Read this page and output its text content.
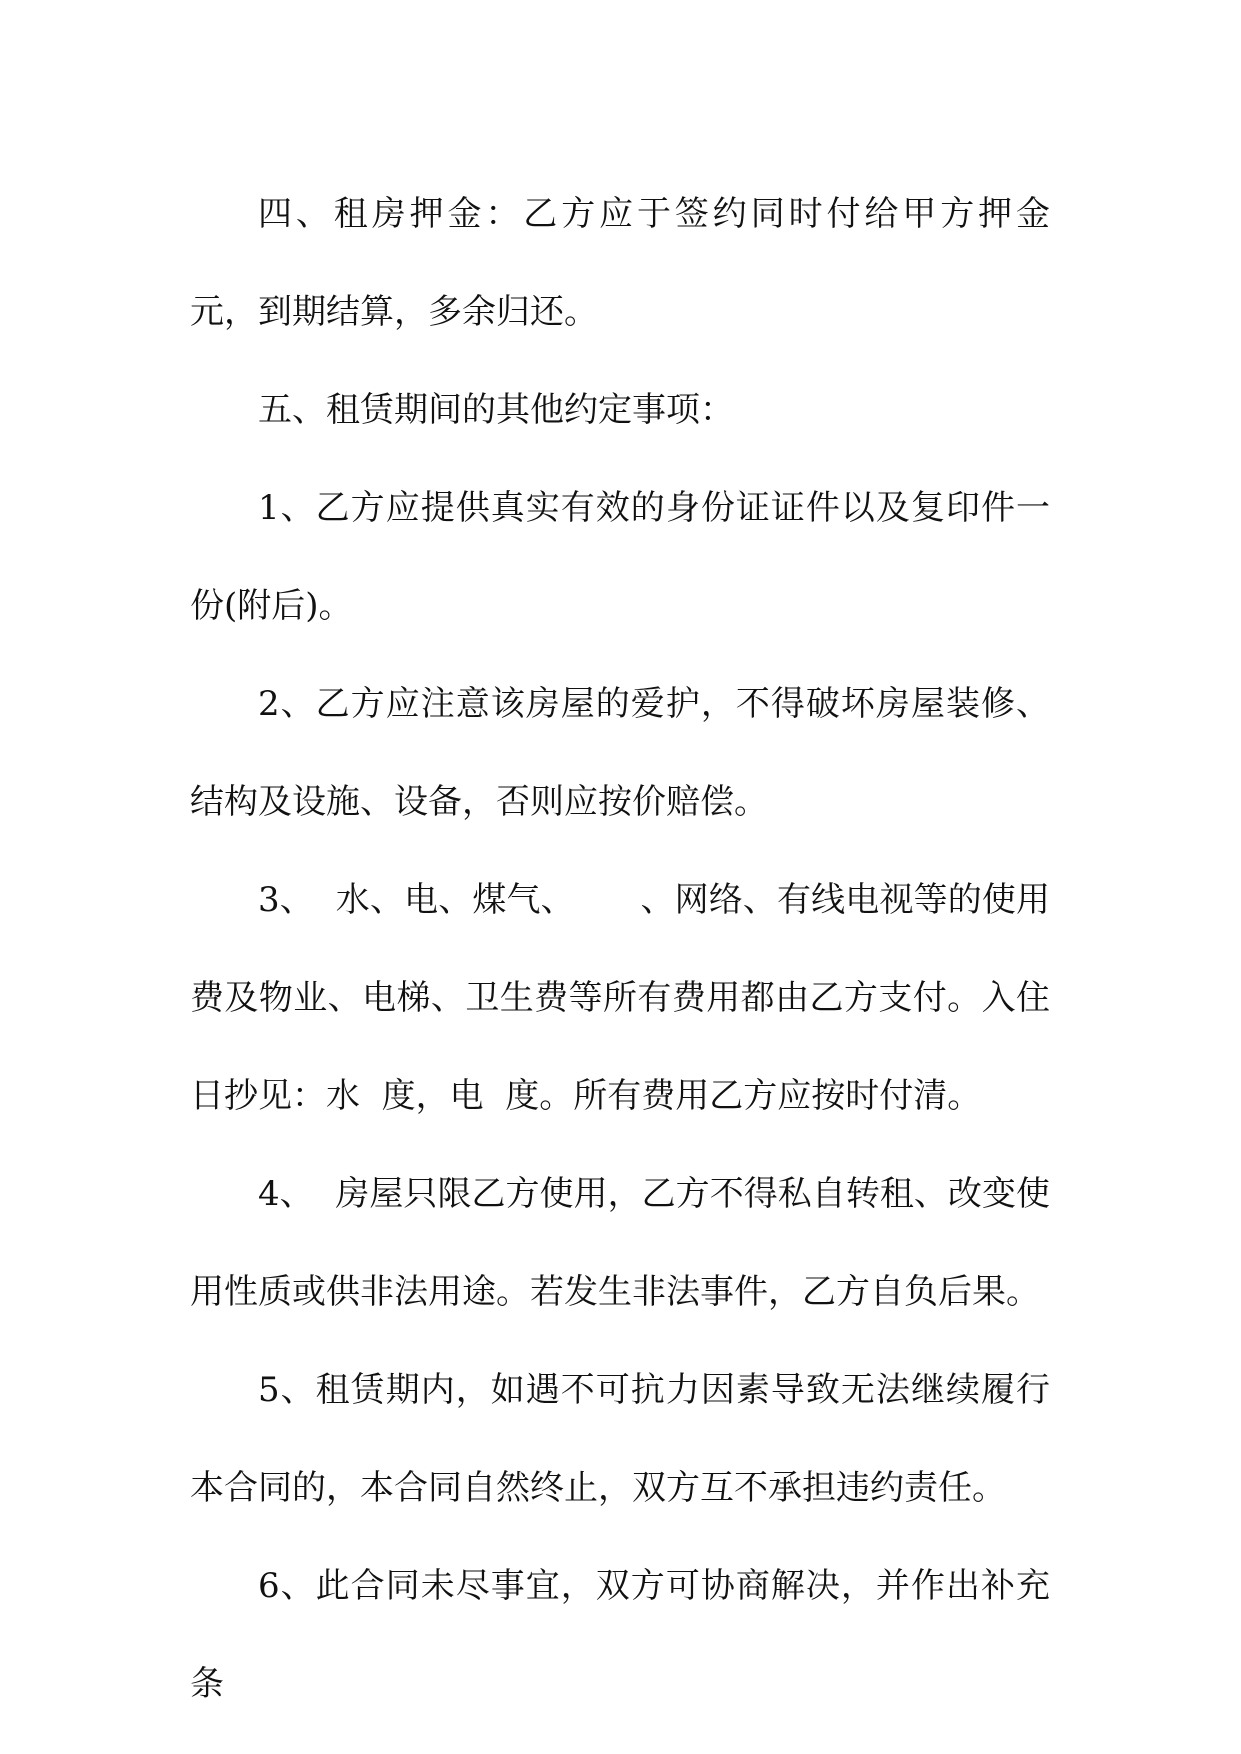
四、租房押金：乙方应于签约同时付给甲方押金  元，到期结算，多余归还。

五、租赁期间的其他约定事项：

1、乙方应提供真实有效的身份证证件以及复印件一份(附后)。

2、乙方应注意该房屋的爱护，不得破坏房屋装修、结构及设施、设备，否则应按价赔偿。

3、  水、电、煤气、      、网络、有线电视等的使用费及物业、电梯、卫生费等所有费用都由乙方支付。入住日抄见：水  度，电  度。所有费用乙方应按时付清。

4、  房屋只限乙方使用，乙方不得私自转租、改变使用性质或供非法用途。若发生非法事件，乙方自负后果。

5、租赁期内，如遇不可抗力因素导致无法继续履行本合同的，本合同自然终止，双方互不承担违约责任。

6、此合同未尽事宜，双方可协商解决，并作出补充条
